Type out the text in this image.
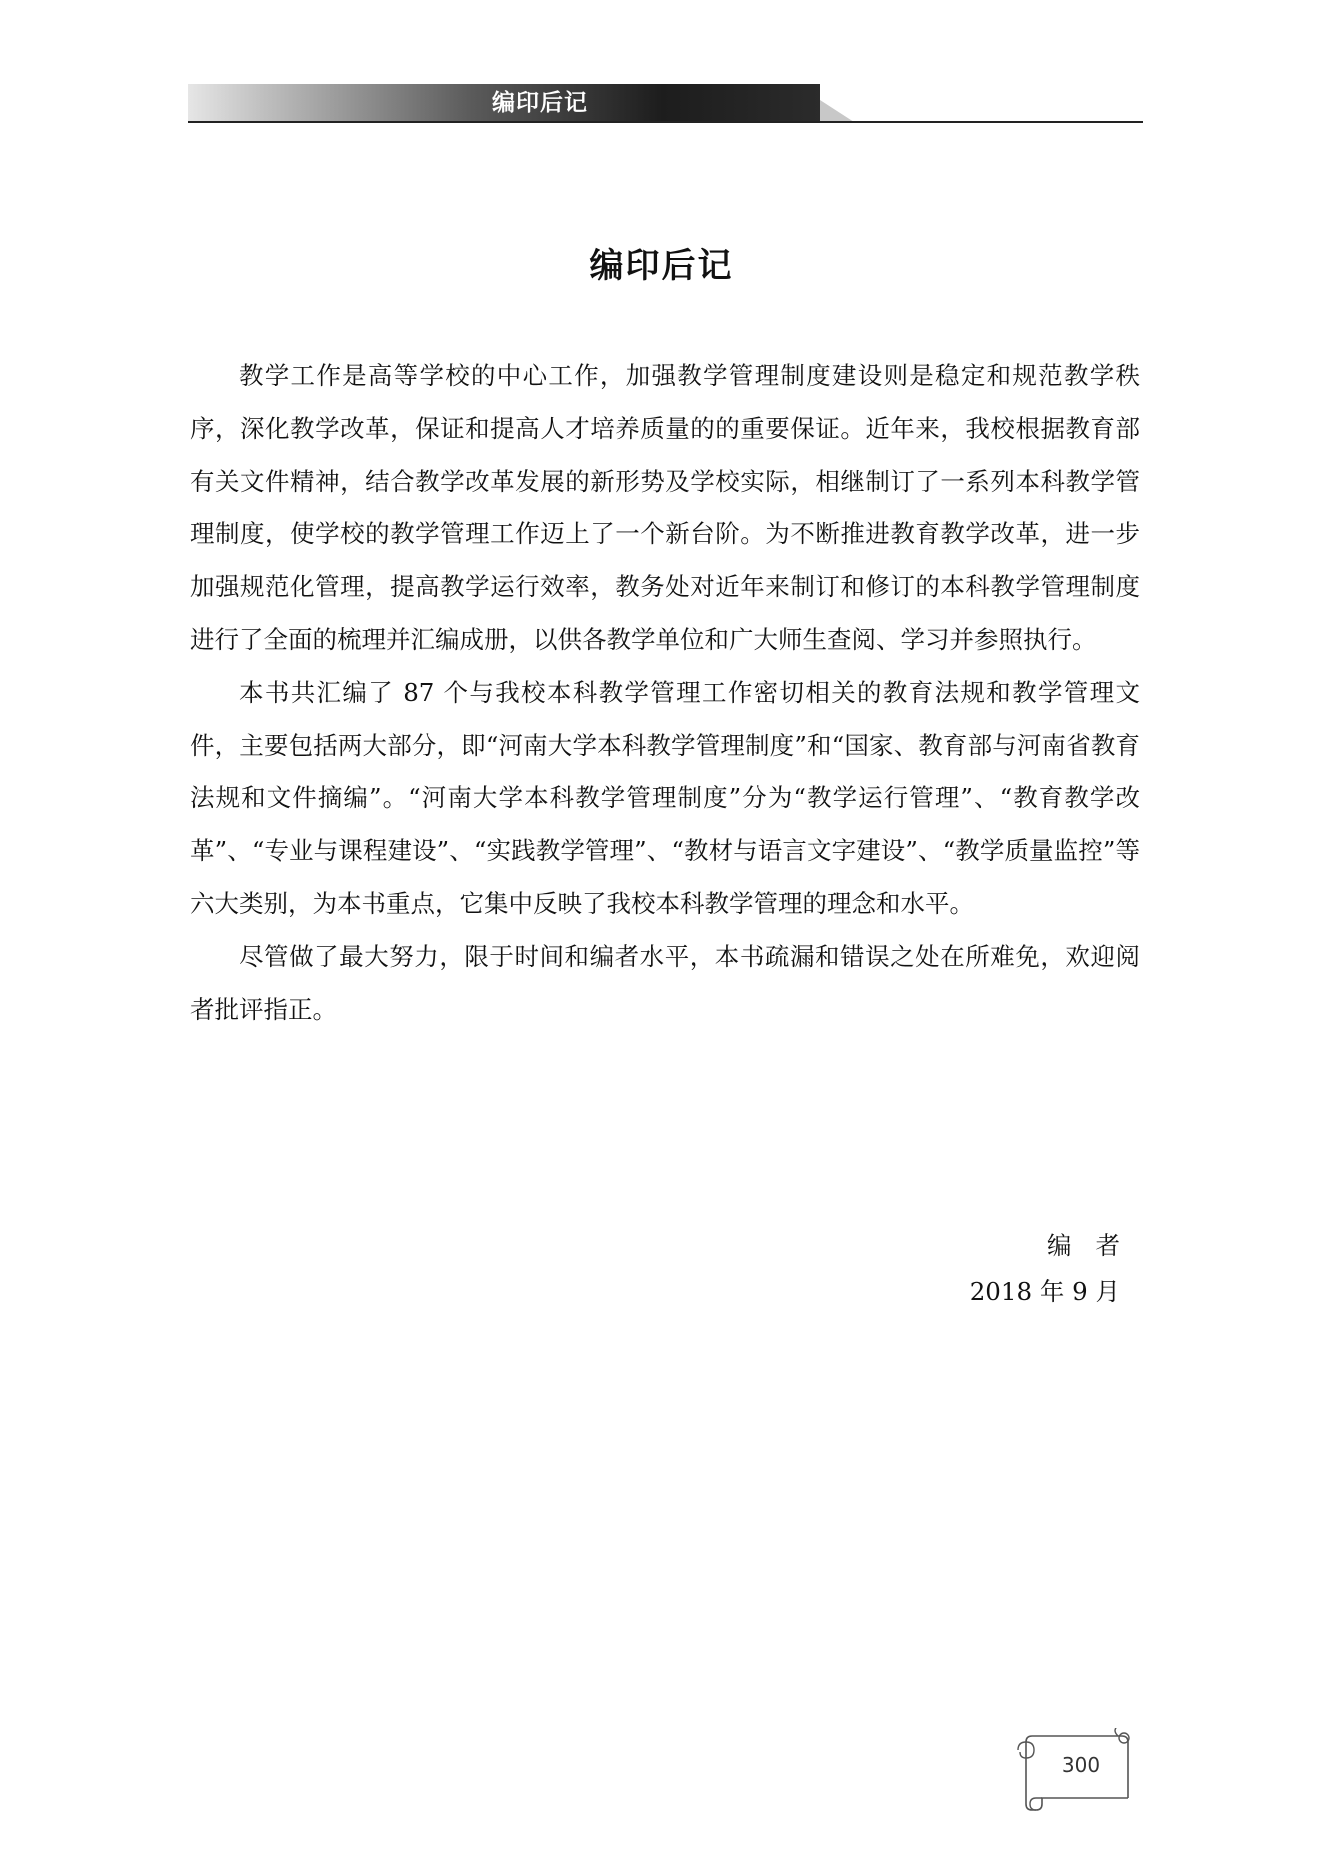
编印后记
编印后记

教学工作是高等学校的中心工作，加强教学管理制度建设则是稳定和规范教学秩序，深化教学改革，保证和提高人才培养质量的的重要保证。近年来，我校根据教育部有关文件精神，结合教学改革发展的新形势及学校实际，相继制订了一系列本科教学管理制度，使学校的教学管理工作迈上了一个新台阶。为不断推进教育教学改革，进一步加强规范化管理，提高教学运行效率，教务处对近年来制订和修订的本科教学管理制度进行了全面的梳理并汇编成册，以供各教学单位和广大师生查阅、学习并参照执行。

本书共汇编了 87 个与我校本科教学管理工作密切相关的教育法规和教学管理文件，主要包括两大部分，即“河南大学本科教学管理制度”和“国家、教育部与河南省教育法规和文件摘编”。“河南大学本科教学管理制度”分为“教学运行管理”、“教育教学改革”、“专业与课程建设”、“实践教学管理”、“教材与语言文字建设”、“教学质量监控”等六大类别，为本书重点，它集中反映了我校本科教学管理的理念和水平。

尽管做了最大努力，限于时间和编者水平，本书疏漏和错误之处在所难免，欢迎阅者批评指正。

编者
2018 年 9 月
300
